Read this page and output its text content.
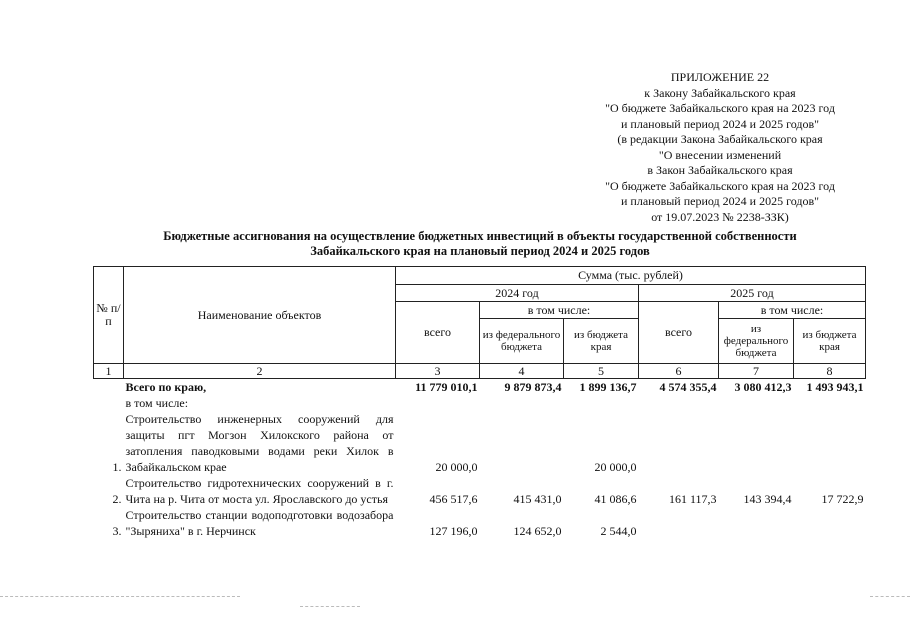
ПРИЛОЖЕНИЕ 22
к Закону Забайкальского края
"О бюджете Забайкальского края на 2023 год
и плановый период 2024 и 2025 годов"
(в редакции Закона Забайкальского края
"О внесении изменений
в Закон Забайкальского края
"О бюджете Забайкальского края на 2023 год
и плановый период 2024 и 2025 годов"
от 19.07.2023 № 2238-ЗЗК)
Бюджетные ассигнования на осуществление бюджетных инвестиций в объекты государственной собственности
Забайкальского края на плановый период 2024 и 2025 годов
№ п/п	Наименование объектов	Сумма (тыс. рублей)					
		2024 год			2025 год		
		всего	в том числе:		всего	в том числе:	
			из федерального бюджета	из бюджета края		из федерального бюджета	из бюджета края
1	2	3	4	5	6	7	8
	Всего по краю,	11 779 010,1	9 879 873,4	1 899 136,7	4 574 355,4	3 080 412,3	1 493 943,1
	в том числе:						
1.	Строительство инженерных сооружений для защиты пгт Могзон Хилокского района от затопления паводковыми водами реки Хилок в Забайкальском крае	20 000,0		20 000,0			
2.	Строительство гидротехнических сооружений в г. Чита на р. Чита от моста ул. Ярославского до устья	456 517,6	415 431,0	41 086,6	161 117,3	143 394,4	17 722,9
3.	Строительство станции водоподготовки водозабора "Зыряниха" в г. Нерчинск	127 196,0	124 652,0	2 544,0			
